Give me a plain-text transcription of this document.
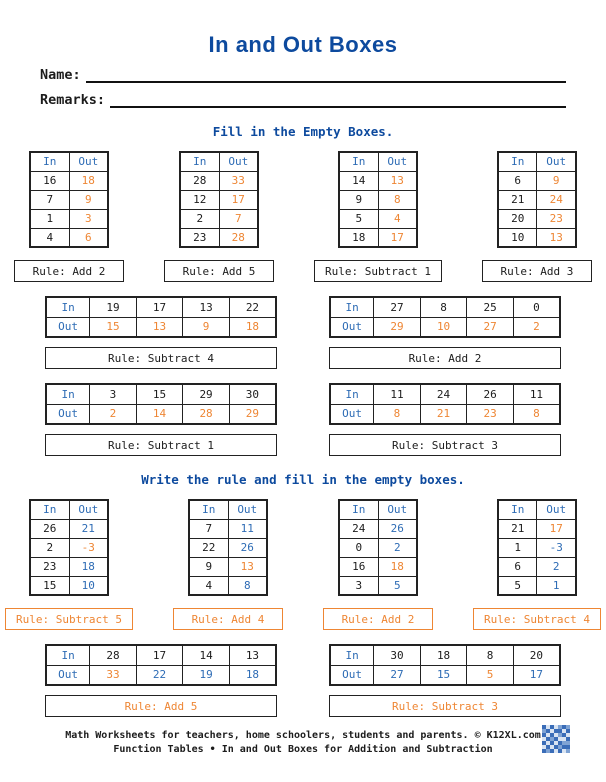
In and Out Boxes
Name:
Remarks:
Fill in the Empty Boxes.
In	Out
16	18
7	9
1	3
4	6
Rule: Add 2
In	Out
28	33
12	17
2	7
23	28
Rule: Add 5
In	Out
14	13
9	8
5	4
18	17
Rule: Subtract 1
In	Out
6	9
21	24
20	23
10	13
Rule: Add 3
In	19	17	13	22
Out	15	13	9	18
Rule: Subtract 4
In	27	8	25	0
Out	29	10	27	2
Rule: Add 2
In	3	15	29	30
Out	2	14	28	29
Rule: Subtract 1
In	11	24	26	11
Out	8	21	23	8
Rule: Subtract 3
Write the rule and fill in the empty boxes.
In	Out
26	21
2	-3
23	18
15	10
Rule: Subtract 5
In	Out
7	11
22	26
9	13
4	8
Rule: Add 4
In	Out
24	26
0	2
16	18
3	5
Rule: Add 2
In	Out
21	17
1	-3
6	2
5	1
Rule: Subtract 4
In	28	17	14	13
Out	33	22	19	18
Rule: Add 5
In	30	18	8	20
Out	27	15	5	17
Rule: Subtract 3
Math Worksheets for teachers, home schoolers, students and parents. © K12XL.com
Function Tables • In and Out Boxes for Addition and Subtraction
